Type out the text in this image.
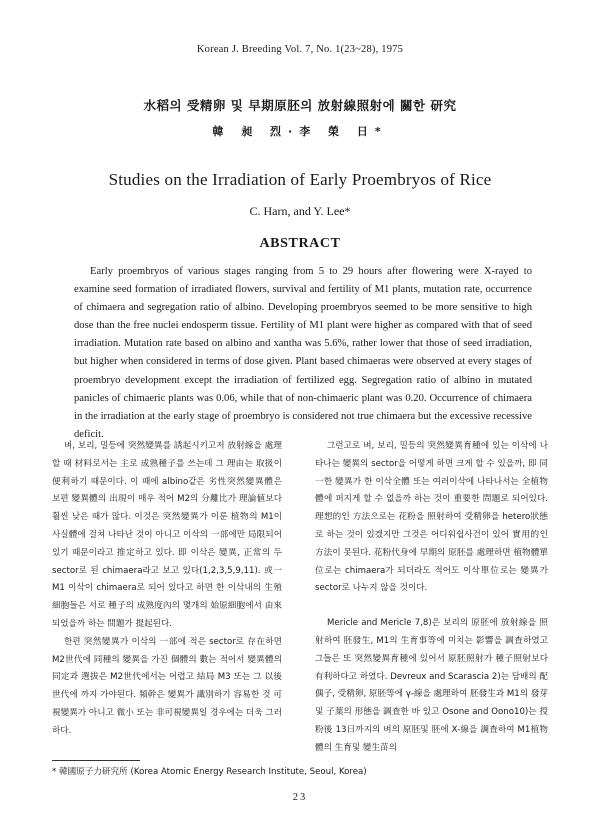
Korean J. Breeding Vol. 7, No. 1(23~28), 1975
水稻의 受精卵 및 早期原胚의 放射線照射에 關한 研究
韓 昶 烈·李 榮 日*
Studies on the Irradiation of Early Proembryos of Rice
C. Harn, and Y. Lee*
ABSTRACT

Early proembryos of various stages ranging from 5 to 29 hours after flowering were X-rayed to examine seed formation of irradiated flowers, survival and fertility of M1 plants, mutation rate, occurrence of chimaera and segregation ratio of albino. Developing proembryos seemed to be more sensitive to high dose than the free nuclei endosperm tissue. Fertility of M1 plant were higher as compared with that of seed irradiation. Mutation rate based on albino and xantha was 5.6%, rather lower that those of seed irradiation, but higher when considered in terms of dose given. Plant based chimaeras were observed at every stages of proembryo development except the irradiation of fertilized egg. Segregation ratio of albino in mutated panicles of chimaeric plants was 0.06, while that of non-chimaeric plant was 0.20. Occurrence of chimaera in the irradiation at the early stage of proembryo is considered not true chimaera but the excessive recessive deficit.

벼, 보리, 밀등에 突然變異를 誘起시키고저 放射線을 處理할 때 材料로서는 主로 成熟種子를 쓰는데 그 理由는 取扱이 便利하기 때문이다. 이 때에 albino같은 劣性突然變異體은 보편 變異體의 出現이 매우 적어 M2의 分離比가 理論値보다 훨씬 낮은 때가 많다. 이것은 突然變異가 이룬 植物의 M1이 사실體에 걸쳐 나타난 것이 아니고 이삭의 一部에만 局限되어 있기 때문이라고 推定하고 있다. 即 이삭은 變異, 正常의 두 sector로 된 chimaera라고 보고 있다(1,2,3,5,9,11). 或一 M1 이삭이 chimaera로 되어 있다고 하면 한 이삭내의 生殖細胞들은 서로 種子의 成熟度內의 몇개의 始原細胞에서 由來되었을까 하는 問題가 提起된다.

한편 突然變異가 이삭의 一部에 적은 sector로 存在하면 M2世代에 同種의 變異을 가진 個體의 數는 적어서 變異體의 同定과 選拔은 M2世代에서는 어렵고 結局 M3 또는 그 以後世代에 까지 가야된다. 頻幹은 變異가 識別하기 容易한 것 可視變異가 아니고 微小 또는 非可視變異일 경우에는 더욱 그러하다.

그런고로 벼, 보리, 밀등의 突然變異育種에 있는 이삭에 나타나는 變異의 sector을 어떻게 하면 크게 할 수 있을까, 即 同一한 變異가 한 이삭全體 또는 여러이삭에 나타나서는 全植物體에 퍼지게 할 수 없을까 하는 것이 重要한 問題로 되어있다. 理想的인 方法으로는 花粉을 照射하여 受精卵을 hetero狀態로 하는 것이 있겠지만 그것은 어디워쉽사건이 있어 實用的인 方法이 못된다. 花粉代身에 早期의 原胚를 處理하면 植物體單位로는 chimaera가 되더라도 적어도 이삭單位로는 變異가 sector로 나누지 않을 것이다.

Mericle and Mericle 7,8)은 보리의 原胚에 放射線을 照射하여 胚發生, M1의 生育事等에 미치는 影響을 調査하였고 그들은 또 突然變異育種에 있어서 原胚照射가 種子照射보다 有利하다고 하였다. Devreux and Scarascia 2)는 담배의 配偶子, 受精卵, 原胚等에 γ-線을 處理하여 胚發生과 M1의 發芽및 子葉의 形態을 調査한 바 있고 Osone and Oono10)는 授粉後 13日까지의 벼의 原胚및 胚에 X-線을 調査하여 M1植物體의 生育및 變生苗의

* 韓國原子力研究所 (Korea Atomic Energy Research Institute, Seoul, Korea)
23
